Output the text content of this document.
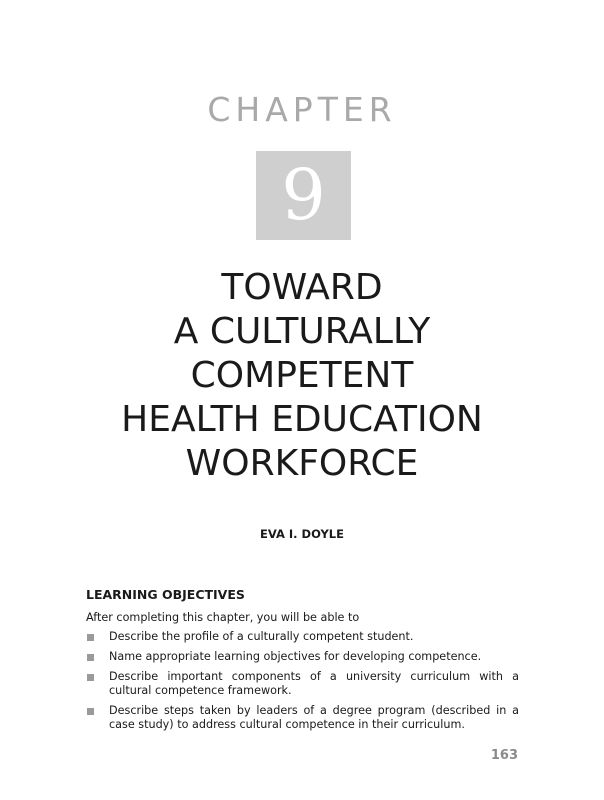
CHAPTER
9
TOWARD
A CULTURALLY
COMPETENT
HEALTH EDUCATION
WORKFORCE
EVA I. DOYLE
LEARNING OBJECTIVES
After completing this chapter, you will be able to
Describe the profile of a culturally competent student.
Name appropriate learning objectives for developing competence.
Describe important components of a university curriculum with a cultural competence framework.
Describe steps taken by leaders of a degree program (described in a case study) to address cultural competence in their curriculum.
163
